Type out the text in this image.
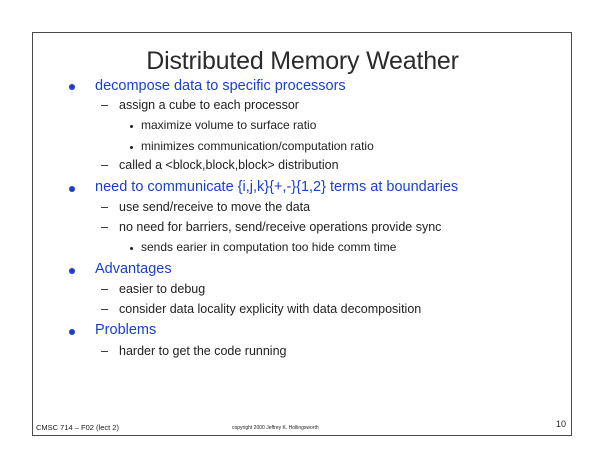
Distributed Memory Weather
decompose data to specific processors
– assign a cube to each processor
maximize volume to surface ratio
minimizes communication/computation ratio
– called a <block,block,block> distribution
need to communicate {i,j,k}{+,-}{1,2} terms at boundaries
– use send/receive to move the data
– no need for barriers, send/receive operations provide sync
sends earier in computation too hide comm time
Advantages
– easier to debug
– consider data locality explicity with data decomposition
Problems
– harder to get the code running
CMSC 714 – F02 (lect 2)	copyright 2000 Jeffrey K. Hollingsworth	10
